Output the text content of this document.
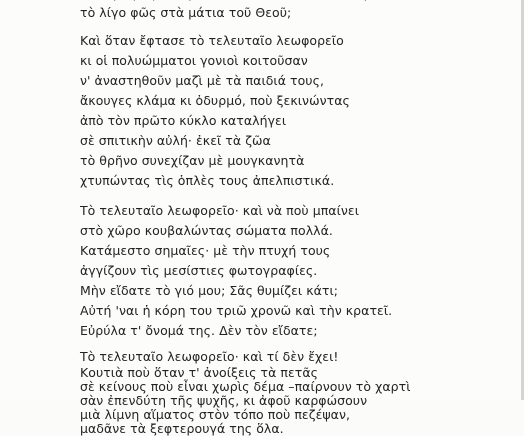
τὸ λίγο φῶς στὰ μάτια τοῦ Θεοῦ;
Καὶ ὅταν ἔφτασε τὸ τελευταῖο λεωφορεῖο
κι οἱ πολυώμματοι γονιοὶ κοιτοῦσαν
ν' ἀναστηθοῦν μαζὶ μὲ τὰ παιδιά τους,
ἄκουγες κλάμα κι ὀδυρμό, ποὺ ξεκινώντας
ἀπὸ τὸν πρῶτο κύκλο καταλήγει
σὲ σπιτικὴν αὐλή· ἐκεῖ τὰ ζῶα
τὸ θρῆνο συνεχίζαν μὲ μουγκανητὰ
χτυπώντας τὶς ὁπλὲς τους ἀπελπιστικά.
Τὸ τελευταῖο λεωφορεῖο· καὶ νὰ ποὺ μπαίνει
στὸ χῶρο κουβαλώντας σώματα πολλά.
Κατάμεστο σημαῖες· μὲ τὴν πτυχή τους
ἀγγίζουν τὶς μεσίστιες φωτογραφίες.
Μὴν εἴδατε τὸ γιό μου; Σᾶς θυμίζει κάτι;
Αὐτή 'ναι ἡ κόρη του τριῶ χρονῶ καὶ τὴν κρατεῖ.
Εὐρύλα τ' ὄνομά της. Δὲν τὸν εἴδατε;
Τὸ τελευταῖο λεωφορεῖο· καὶ τί δὲν ἔχει!
Κουτιὰ ποὺ ὅταν τ' ἀνοίξεις τὰ πετᾶς
σὲ κείνους ποὺ εἶναι χωρὶς δέμα –παίρνουν τὸ χαρτὶ
σὰν ἐπενδύτη τῆς ψυχῆς, κι ἀφοῦ καρφώσουν
μιὰ λίμνη αἵματος στὸν τόπο ποὺ πεζέψαν,
μαδᾶνε τὰ ξεφτερουγά της ὅλα.
